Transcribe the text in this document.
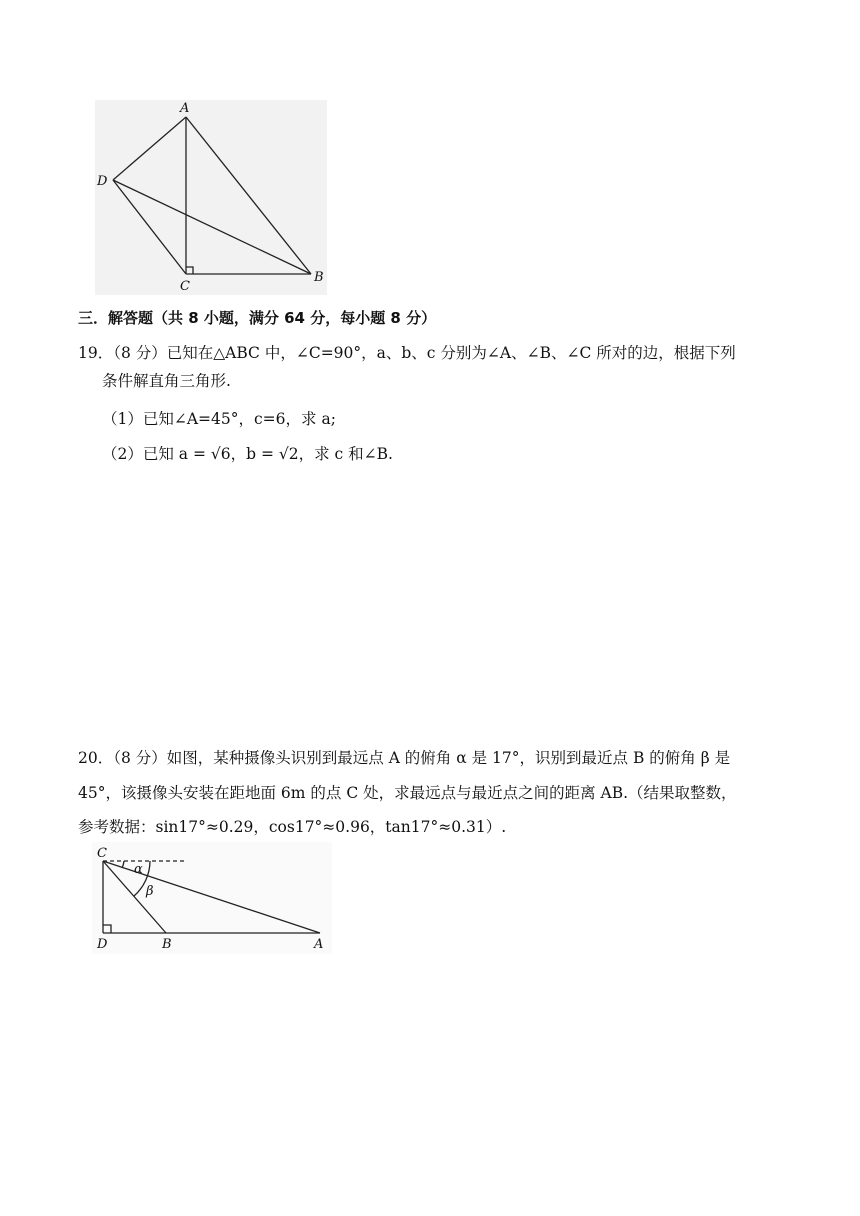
A
D
C
B
三．解答题（共 8 小题，满分 64 分，每小题 8 分）
19．（8 分）已知在△ABC 中，∠C=90°，a、b、c 分别为∠A、∠B、∠C 所对的边，根据下列
条件解直角三角形.
（1）已知∠A=45°，c=6，求 a;
（2）已知 a = √6，b = √2，求 c 和∠B.
20．（8 分）如图，某种摄像头识别到最远点 A 的俯角 α 是 17°，识别到最近点 B 的俯角 β 是
45°，该摄像头安装在距地面 6m 的点 C 处，求最远点与最近点之间的距离 AB.（结果取整数，
参考数据：sin17°≈0.29，cos17°≈0.96，tan17°≈0.31）.
C
D	B	A
α
β
